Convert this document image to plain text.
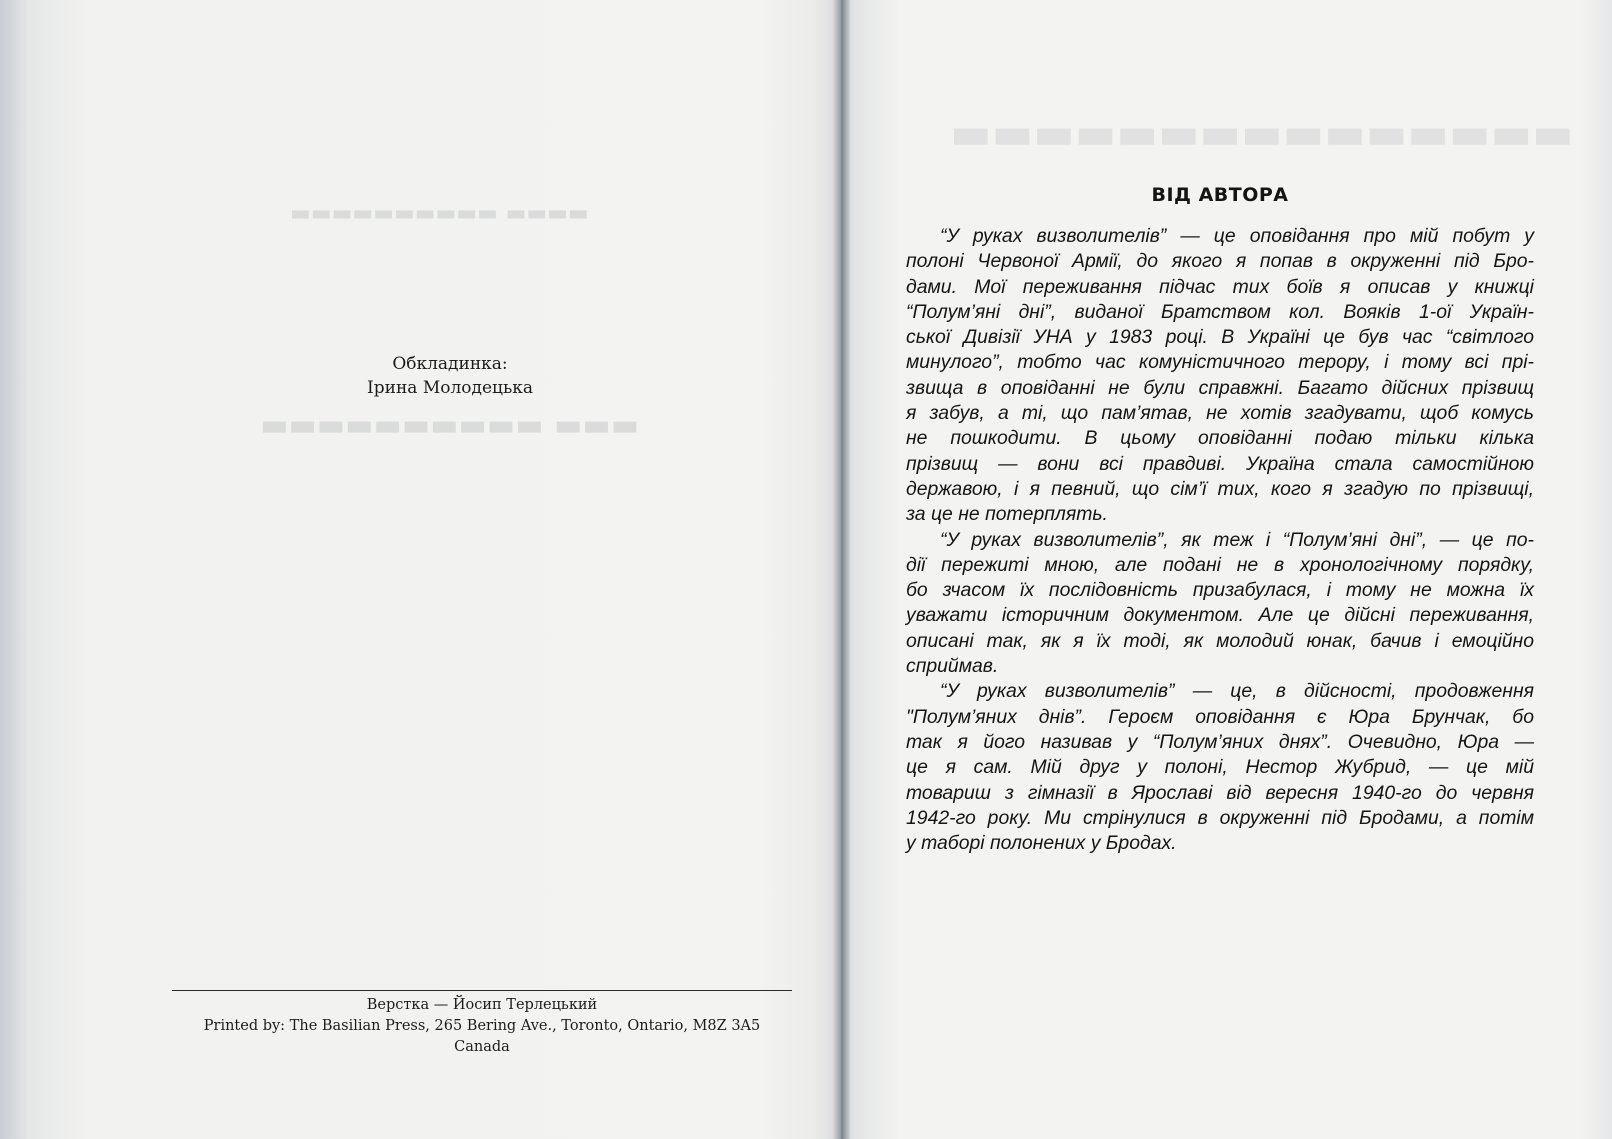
▬▬▬▬ ▬▬▬▬▬▬▬▬▬▬
▬▬▬ ▬▬▬▬▬▬▬▬▬▬
Обкладинка:
Ірина Молодецька
Верстка — Йосип Терлецький
Printed by: The Basilian Press, 265 Bering Ave., Toronto, Ontario, M8Z 3A5
Canada
▬▬▬▬▬▬▬▬▬▬▬▬▬▬▬
ВІД АВТОРА
“У руках визволителів” — це оповідання про мій побут у
полоні Червоної Армії, до якого я попав в окруженні під Бро-
дами. Мої переживання підчас тих боїв я описав у книжці
“Полум’яні дні”, виданої Братством кол. Вояків 1-ої Україн-
ської Дивізії УНА у 1983 році. В Україні це був час “світлого
минулого”, тобто час комуністичного терору, і тому всі прі-
звища в оповіданні не були справжні. Багато дійсних прізвищ
я забув, а ті, що пам’ятав, не хотів згадувати, щоб комусь
не пошкодити. В цьому оповіданні подаю тільки кілька
прізвищ — вони всі правдиві. Україна стала самостійною
державою, і я певний, що сім’ї тих, кого я згадую по прізвищі,
за це не потерплять.
“У руках визволителів”, як теж і “Полум’яні дні”, — це по-
дії пережиті мною, але подані не в хронологічному порядку,
бо зчасом їх послідовність призабулася, і тому не можна їх
уважати історичним документом. Але це дійсні переживання,
описані так, як я їх тоді, як молодий юнак, бачив і емоційно
сприймав.
“У руках визволителів” — це, в дійсності, продовження
"Полум’яних днів”. Героєм оповідання є Юра Брунчак, бо
так я його називав у “Полум’яних днях”. Очевидно, Юра —
це я сам. Мій друг у полоні, Нестор Жубрид, — це мій
товариш з гімназії в Ярославі від вересня 1940-го до червня
1942-го року. Ми стрінулися в окруженні під Бродами, а потім
у таборі полонених у Бродах.
